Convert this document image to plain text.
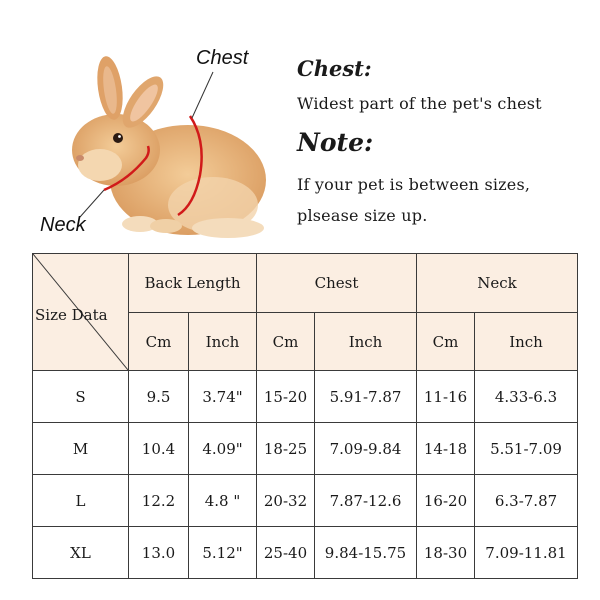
Chest
Neck

Chest:

Widest part of the pet's chest

Note:

If your pet is between sizes,

plsease size up.

Size Data	Back Length		Chest		Neck	
	Cm	Inch	Cm	Inch	Cm	Inch
S	9.5	3.74"	15-20	5.91-7.87	11-16	4.33-6.3
M	10.4	4.09"	18-25	7.09-9.84	14-18	5.51-7.09
L	12.2	4.8 "	20-32	7.87-12.6	16-20	6.3-7.87
XL	13.0	5.12"	25-40	9.84-15.75	18-30	7.09-11.81
